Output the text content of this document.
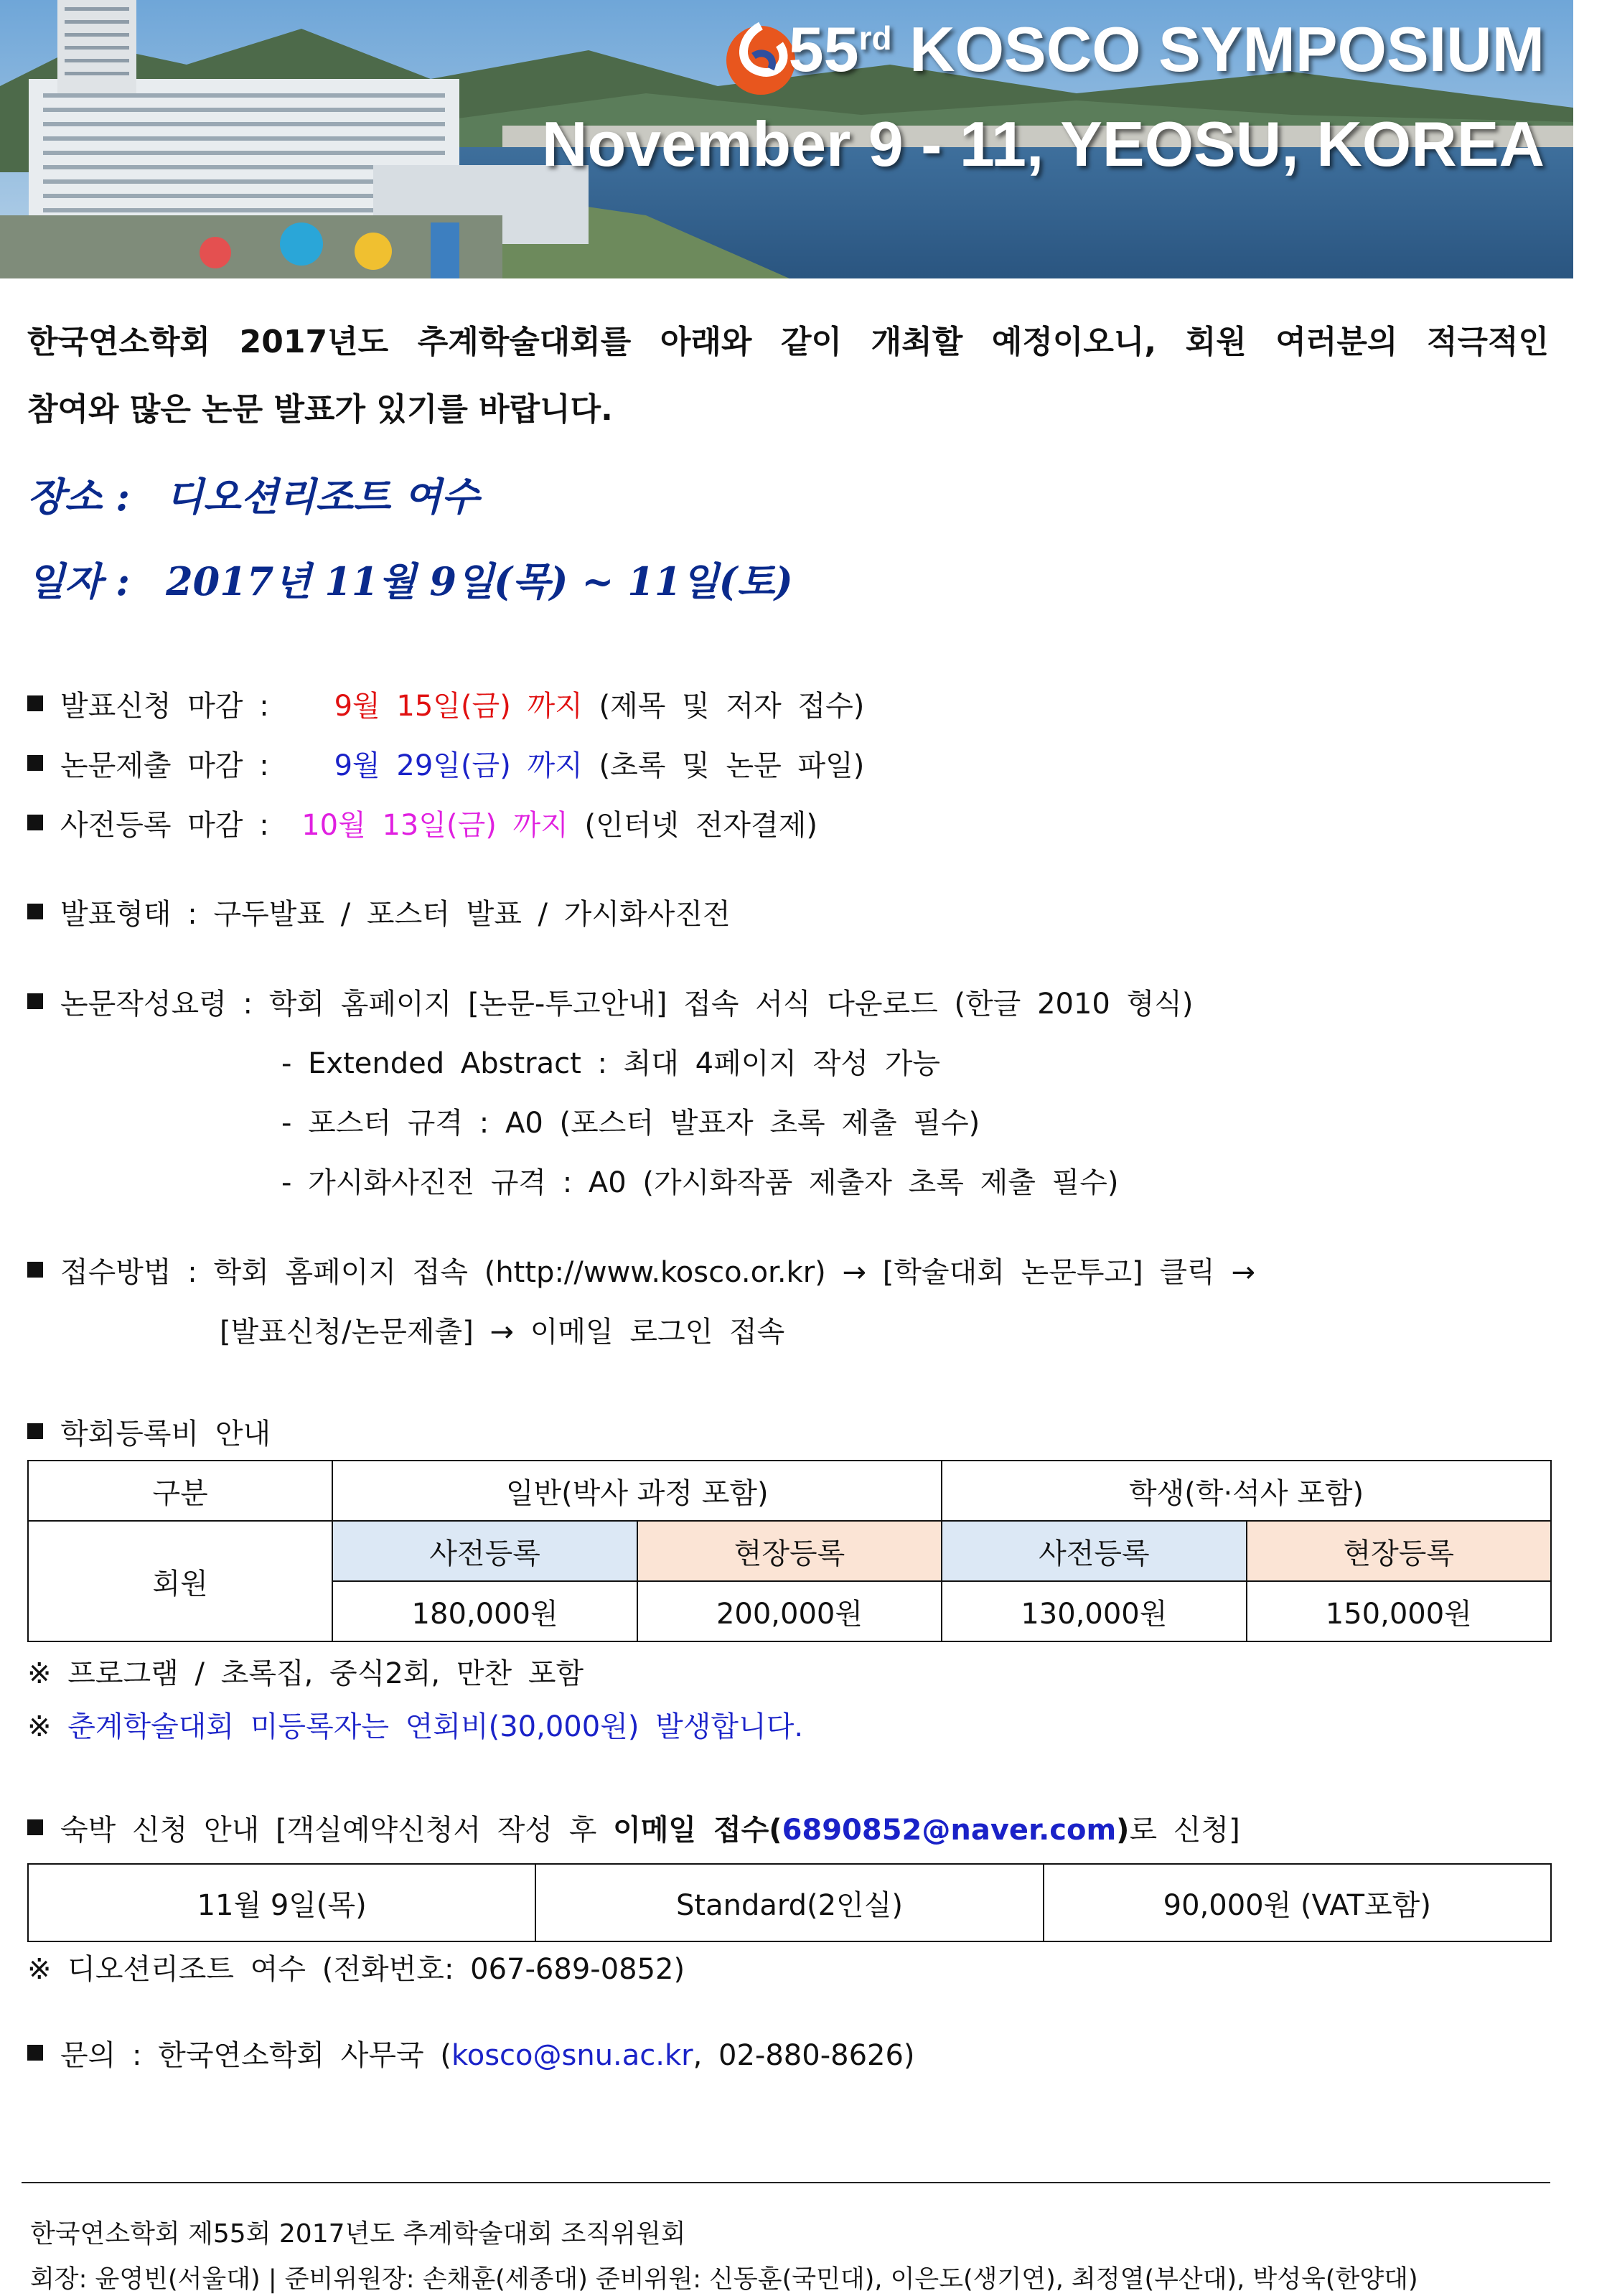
55rd KOSCO SYMPOSIUM
November 9 - 11, YEOSU, KOREA
한국연소학회 2017년도 추계학술대회를 아래와 같이 개최할 예정이오니, 회원 여러분의 적극적인
참여와 많은 논문 발표가 있기를 바랍니다.
장소 : 디오션리조트 여수
일자 : 2017년 11월 9일(목) ~ 11일(토)
발표신청 마감 : 9월 15일(금) 까지 (제목 및 저자 접수)
논문제출 마감 : 9월 29일(금) 까지 (초록 및 논문 파일)
사전등록 마감 : 10월 13일(금) 까지 (인터넷 전자결제)
발표형태 : 구두발표 / 포스터 발표 / 가시화사진전
논문작성요령 : 학회 홈페이지 [논문-투고안내] 접속 서식 다운로드 (한글 2010 형식)
- Extended Abstract : 최대 4페이지 작성 가능
- 포스터 규격 : A0 (포스터 발표자 초록 제출 필수)
- 가시화사진전 규격 : A0 (가시화작품 제출자 초록 제출 필수)
접수방법 : 학회 홈페이지 접속 (http://www.kosco.or.kr) → [학술대회 논문투고] 클릭 →
[발표신청/논문제출] → 이메일 로그인 접속
학회등록비 안내
구분	일반(박사 과정 포함)		학생(학·석사 포함)	
회원	사전등록	현장등록	사전등록	현장등록
	180,000원	200,000원	130,000원	150,000원
※ 프로그램 / 초록집, 중식2회, 만찬 포함
※ 춘계학술대회 미등록자는 연회비(30,000원) 발생합니다.
숙박 신청 안내 [객실예약신청서 작성 후 이메일 접수(6890852@naver.com)로 신청]
11월 9일(목)	Standard(2인실)	90,000원 (VAT포함)
※ 디오션리조트 여수 (전화번호: 067-689-0852)
문의 : 한국연소학회 사무국 (kosco@snu.ac.kr, 02-880-8626)
한국연소학회 제55회 2017년도 추계학술대회 조직위원회
회장: 윤영빈(서울대) | 준비위원장: 손채훈(세종대) 준비위원: 신동훈(국민대), 이은도(생기연), 최정열(부산대), 박성욱(한양대)
